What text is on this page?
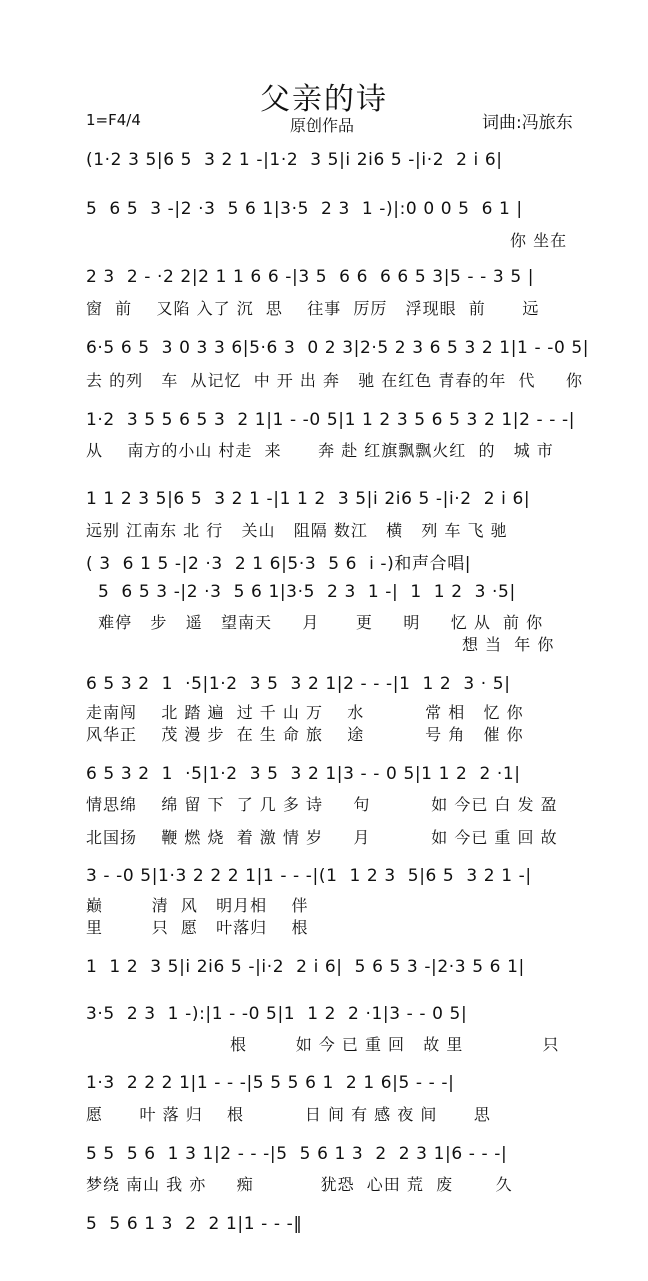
父亲的诗
1=F4/4	原创作品	词曲:冯旅东
(1·2 3 5|6 5  3 2 1 -|1·2  3 5|i 2i6 5 -|i·2  2 i 6|
5  6 5  3 -|2 ·3  5 6 1|3·5  2 3  1 -)|:0 0 0 5  6 1 |
你 坐在
2 3  2 - ·2 2|2 1 1 6 6 -|3 5  6 6  6 6 5 3|5 - - 3 5 |
窗  前    又陷 入了 沉  思    往事  厉厉   浮现眼  前      远
6·5 6 5  3 0 3 3 6|5·6 3  0 2 3|2·5 2 3 6 5 3 2 1|1 - -0 5|
去 的列   车  从记忆  中 开 出 奔   驰 在红色 青春的年  代     你
1·2  3 5 5 6 5 3  2 1|1 - -0 5|1 1 2 3 5 6 5 3 2 1|2 - - -|
从    南方的小山 村走  来      奔 赴 红旗飘飘火红  的   城 市
1 1 2 3 5|6 5  3 2 1 -|1 1 2  3 5|i 2i6 5 -|i·2  2 i 6|
远别 江南东 北 行   关山   阻隔 数江   横   列 车 飞 驰
( 3  6 1 5 -|2 ·3  2 1 6|5·3  5 6  i -)和声合唱|
5  6 5 3 -|2 ·3  5 6 1|3·5  2 3  1 -|  1  1 2  3 ·5|
难停   步   遥   望南天     月      更     明     忆 从  前 你
想 当  年 你
6 5 3 2  1  ·5|1·2  3 5  3 2 1|2 - - -|1  1 2  3 · 5|
走南闯    北 踏 遍  过 千 山 万    水          常 相   忆 你
风华正    茂 漫 步  在 生 命 旅    途          号 角   催 你
6 5 3 2  1  ·5|1·2  3 5  3 2 1|3 - - 0 5|1 1 2  2 ·1|
情思绵    绵 留 下  了 几 多 诗     句          如 今已 白 发 盈
北国扬    鞭 燃 烧  着 激 情 岁     月          如 今已 重 回 故
3 - -0 5|1·3 2 2 2 1|1 - - -|(1  1 2 3  5|6 5  3 2 1 -|
巅        清  风   明月相    伴
里        只  愿   叶落归    根
1  1 2  3 5|i 2i6 5 -|i·2  2 i 6|  5 6 5 3 -|2·3 5 6 1|
3·5  2 3  1 -):|1 - -0 5|1  1 2  2 ·1|3 - - 0 5|
根        如 今 已 重 回   故 里             只
1·3  2 2 2 1|1 - - -|5 5 5 6 1  2 1 6|5 - - -|
愿      叶 落 归    根          日 间 有 感 夜 间      思
5 5  5 6  1 3 1|2 - - -|5  5 6 1 3  2  2 3 1|6 - - -|
梦绕 南山 我 亦     痴           犹恐  心田 荒  废       久
5  5 6 1 3  2  2 1|1 - - -‖
